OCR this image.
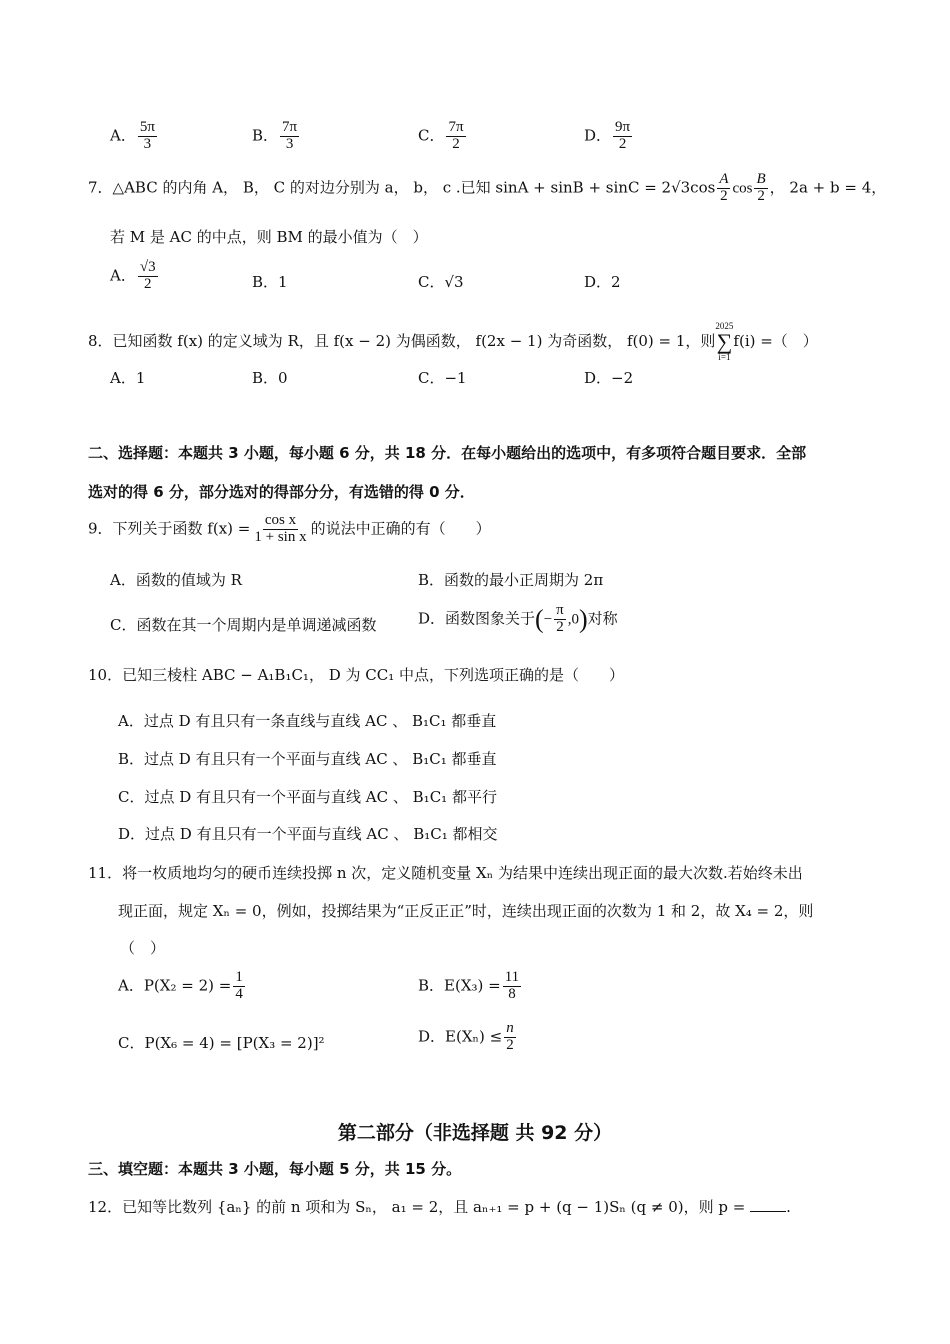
A． $\frac{5\pi}{3}$	B． $\frac{7\pi}{3}$	C． $\frac{7\pi}{2}$	D． $\frac{9\pi}{2}$
7．△ABC 的内角 A， B， C 的对边分别为 a， b， c .已知 $\sin A + \sin B + \sin C = 2√3\cos \frac{A}{2}$ $\cos \frac{B}{2}$ ， 2a + b = 4，
若 M 是 AC 的中点，则 BM 的最小值为（　）
A． $\frac{√3}{2}$	B．1	C．√3	D．2
8．已知函数 f(x) 的定义域为 R，且 f(x − 2) 为偶函数， f(2x − 1) 为奇函数， f(0) = 1，则
2025
∑
i=1
f(i) =（　）
A．1	B．0	C．−1	D．−2
二、选择题：本题共 3 小题，每小题 6 分，共 18 分．在每小题给出的选项中，有多项符合题目要求．全部
选对的得 6 分，部分选对的得部分分，有选错的得 0 分．
9．下列关于函数 $f(x) = \frac{\text{cos x}}{\text{1 + sin x}}$ 的说法中正确的有（　　）
A．函数的值域为 R	B．函数的最小正周期为 2π
C．函数在其一个周期内是单调递减函数	D．函数图象关于(− $\frac{\pi}{2} ,0$)对称
10．已知三棱柱 ABC − A₁B₁C₁， D 为 CC₁ 中点，下列选项正确的是（　　）
A．过点 D 有且只有一条直线与直线 AC 、 B₁C₁ 都垂直
B．过点 D 有且只有一个平面与直线 AC 、 B₁C₁ 都垂直
C．过点 D 有且只有一个平面与直线 AC 、 B₁C₁ 都平行
D．过点 D 有且只有一个平面与直线 AC 、 B₁C₁ 都相交
11．将一枚质地均匀的硬币连续投掷 n 次，定义随机变量 Xₙ 为结果中连续出现正面的最大次数.若始终未出
现正面，规定 Xₙ = 0，例如，投掷结果为“正反正正”时，连续出现正面的次数为 1 和 2，故 X₄ = 2，则
（　）
A．$P(X_2 = 2) = \frac{1}{4}$	B．$E(X_3) = \frac{11}{8}$
C．P(X₆ = 4) = [P(X₃ = 2)]²	D．$E(X_n) \le \frac{n}{2}$
第二部分（非选择题 共 92 分）
三、填空题：本题共 3 小题，每小题 5 分，共 15 分。
12．已知等比数列 {aₙ} 的前 n 项和为 Sₙ， a₁ = 2，且 aₙ₊₁ = p + (q − 1)Sₙ (q ≠ 0)，则 p =	.
